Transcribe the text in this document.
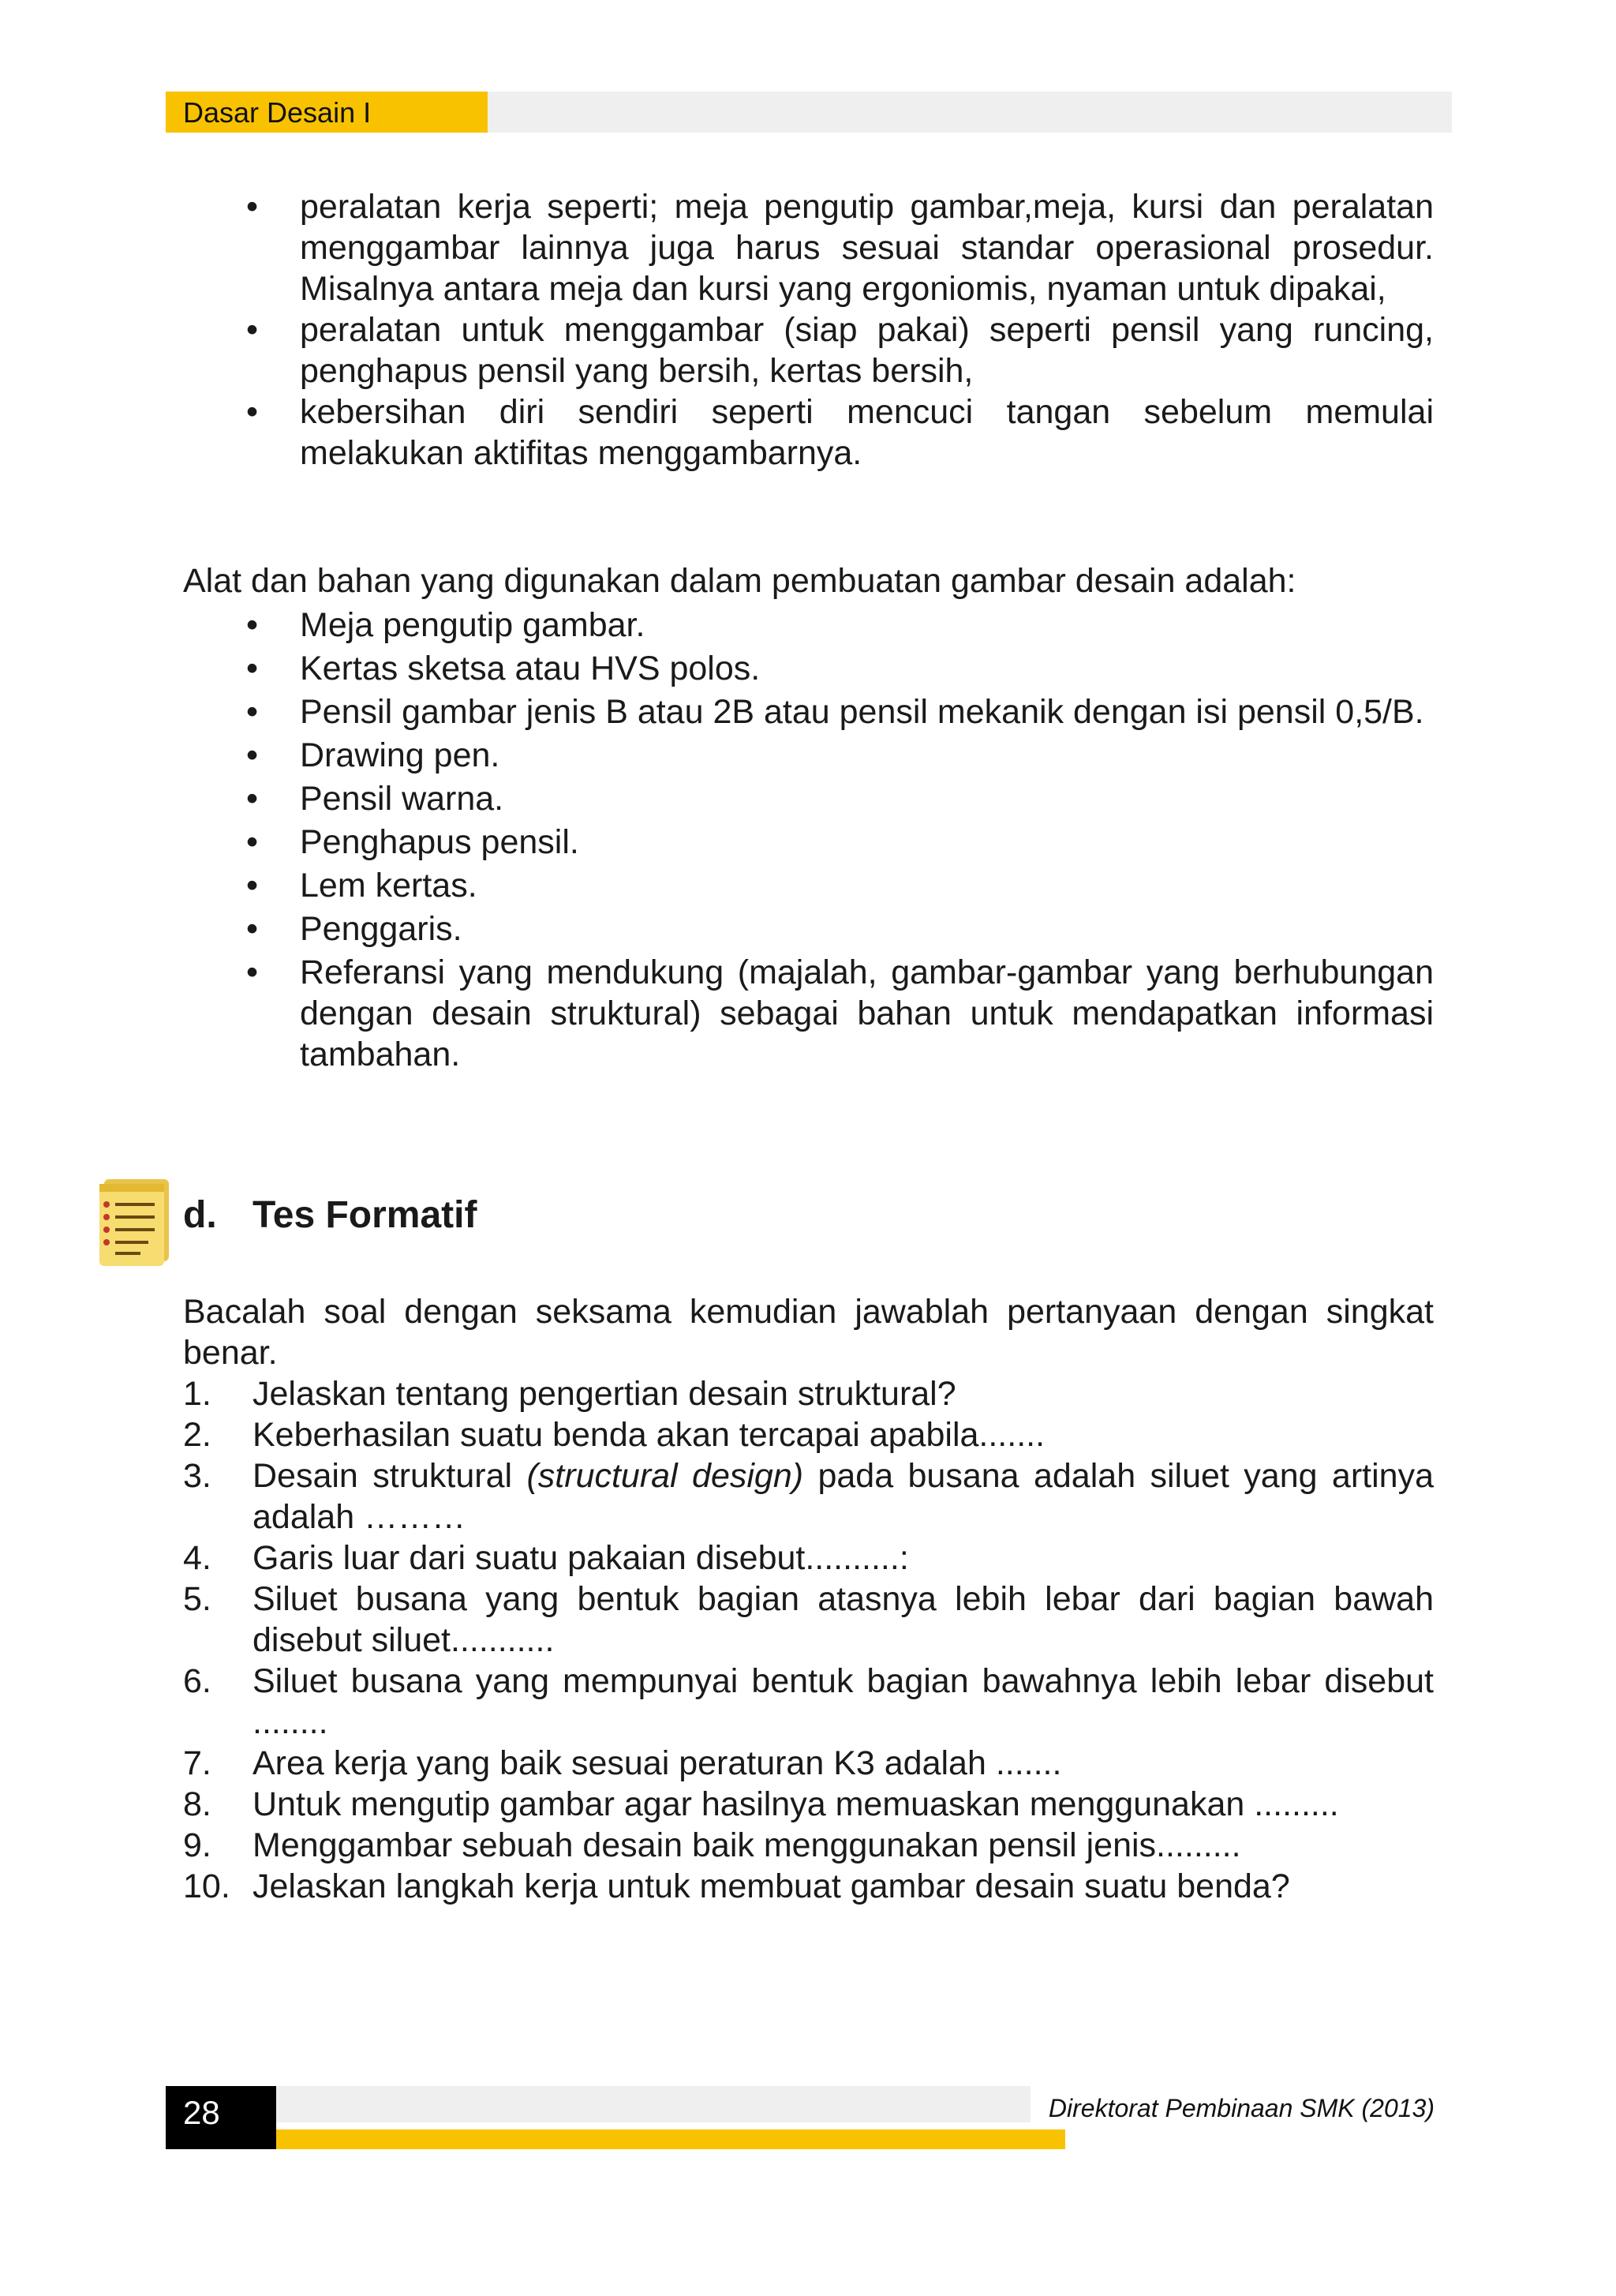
Dasar Desain I
• peralatan kerja seperti; meja pengutip gambar,meja, kursi dan peralatan menggambar lainnya juga harus sesuai standar operasional prosedur. Misalnya antara meja dan kursi yang ergoniomis, nyaman untuk dipakai,
• peralatan untuk menggambar (siap pakai) seperti pensil yang runcing, penghapus pensil yang bersih, kertas bersih,
• kebersihan diri sendiri seperti mencuci tangan sebelum memulai melakukan aktifitas menggambarnya.

Alat dan bahan yang digunakan dalam pembuatan gambar desain adalah:

• Meja pengutip gambar.
• Kertas sketsa atau HVS polos.
• Pensil gambar jenis B atau 2B atau pensil mekanik dengan isi pensil 0,5/B.
• Drawing pen.
• Pensil warna.
• Penghapus pensil.
• Lem kertas.
• Penggaris.
• Referansi yang mendukung (majalah, gambar-gambar yang berhubungan dengan desain struktural) sebagai bahan untuk mendapatkan informasi tambahan.
d. Tes Formatif

Bacalah soal dengan seksama kemudian jawablah pertanyaan dengan singkat benar.

1. Jelaskan tentang pengertian desain struktural?
2. Keberhasilan suatu benda akan tercapai apabila.......
3. Desain struktural (structural design) pada busana adalah siluet yang artinya adalah ………
4. Garis luar dari suatu pakaian disebut..........:
5. Siluet busana yang bentuk bagian atasnya lebih lebar dari bagian bawah disebut siluet...........
6. Siluet busana yang mempunyai bentuk bagian bawahnya lebih lebar disebut ........
7. Area kerja yang baik sesuai peraturan K3 adalah .......
8. Untuk mengutip gambar agar hasilnya memuaskan menggunakan .........
9. Menggambar sebuah desain baik menggunakan pensil jenis.........
10. Jelaskan langkah kerja untuk membuat gambar desain suatu benda?
28	Direktorat Pembinaan SMK (2013)
